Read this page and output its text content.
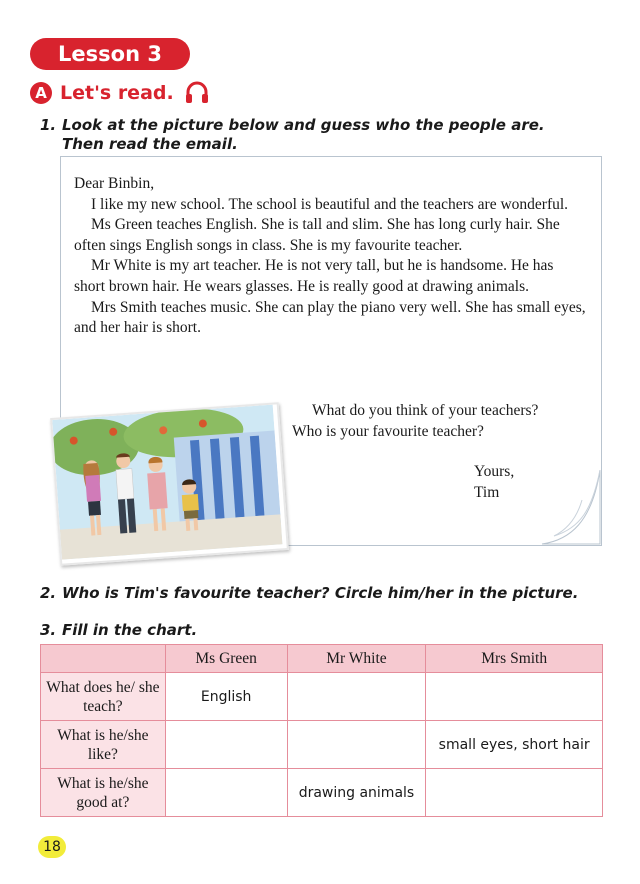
Lesson 3
A Let's read.
1. Look at the picture below and guess who the people are.
Then read the email.

Dear Binbin,

I like my new school. The school is beautiful and the teachers are wonderful.

Ms Green teaches English. She is tall and slim. She has long curly hair. She often sings English songs in class. She is my favourite teacher.

Mr White is my art teacher. He is not very tall, but he is handsome. He has short brown hair. He wears glasses. He is really good at drawing animals.

Mrs Smith teaches music. She can play the piano very well. She has small eyes, and her hair is short.

What do you think of your teachers?
Who is your favourite teacher?
Yours,
Tim
2. Who is Tim's favourite teacher? Circle him/her in the picture.
3. Fill in the chart.
	Ms Green	Mr White	Mrs Smith
What does he/ she teach?	English		
What is he/she like?			small eyes, short hair
What is he/she good at?		drawing animals	
18
